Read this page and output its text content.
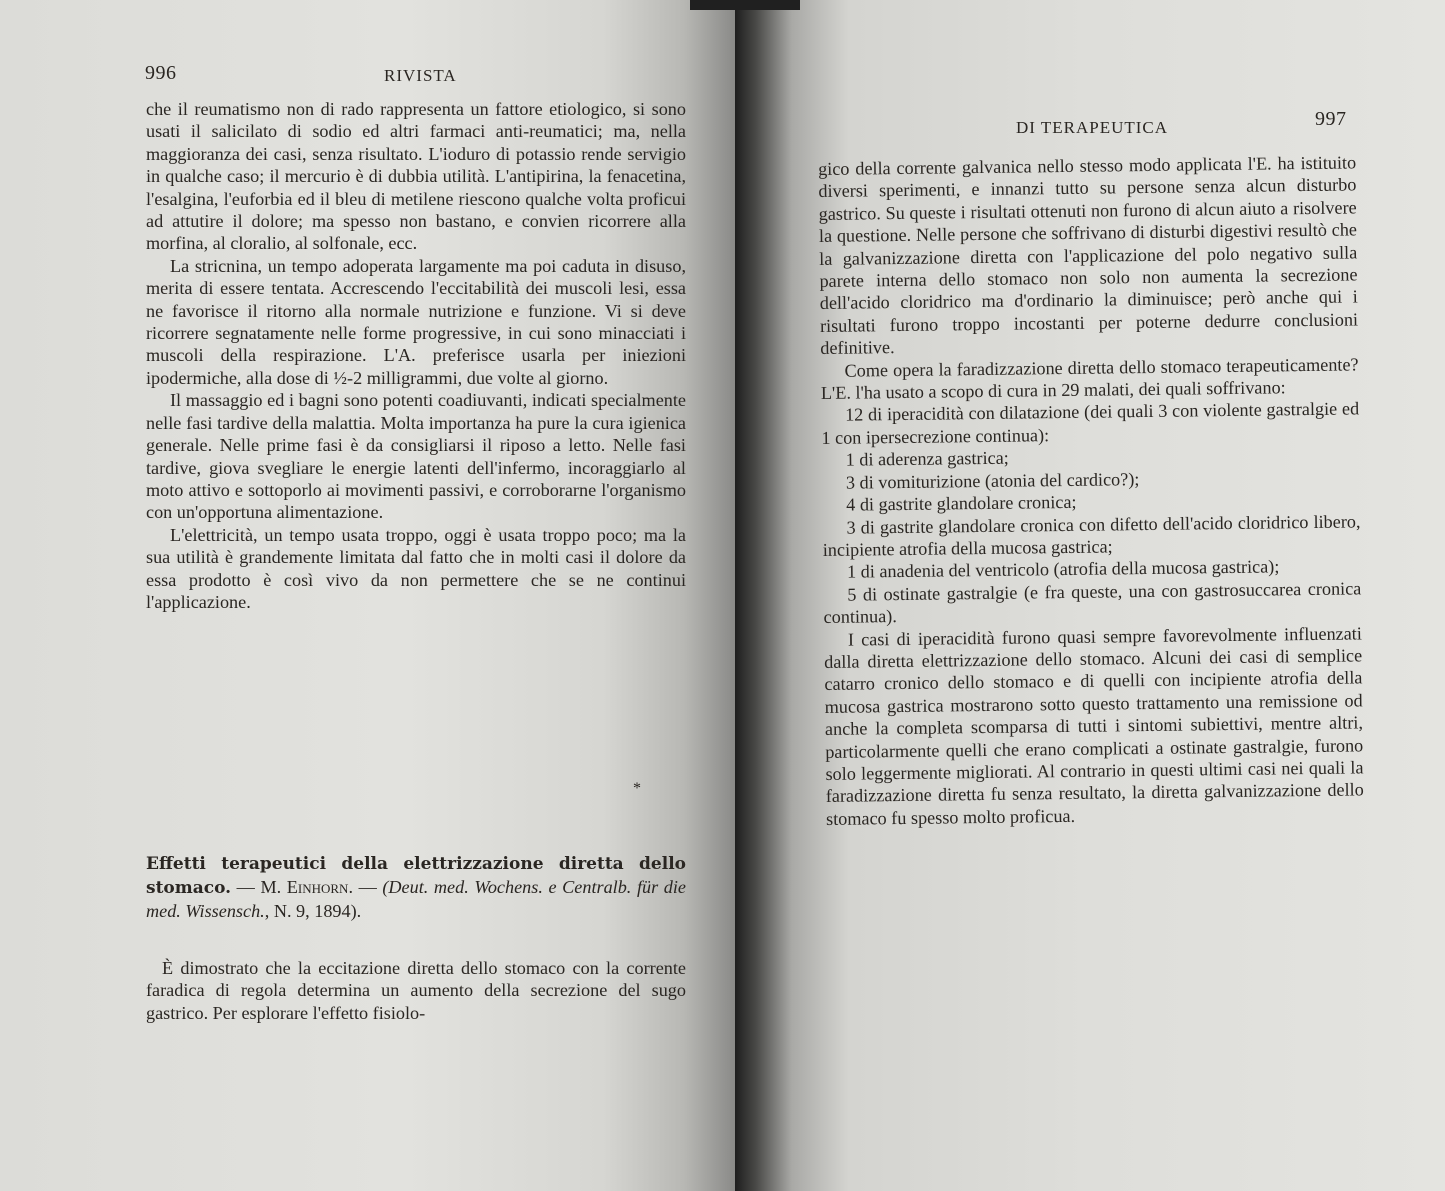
996	RIVISTA

che il reumatismo non di rado rappresenta un fattore etiologico, si sono usati il salicilato di sodio ed altri farmaci anti-reumatici; ma, nella maggioranza dei casi, senza risultato. L'ioduro di potassio rende servigio in qualche caso; il mercurio è di dubbia utilità. L'antipirina, la fenacetina, l'esalgina, l'euforbia ed il bleu di metilene riescono qualche volta proficui ad attutire il dolore; ma spesso non bastano, e convien ricorrere alla morfina, al cloralio, al solfonale, ecc.

La stricnina, un tempo adoperata largamente ma poi caduta in disuso, merita di essere tentata. Accrescendo l'eccitabilità dei muscoli lesi, essa ne favorisce il ritorno alla normale nutrizione e funzione. Vi si deve ricorrere segnatamente nelle forme progressive, in cui sono minacciati i muscoli della respirazione. L'A. preferisce usarla per iniezioni ipodermiche, alla dose di ½-2 milligrammi, due volte al giorno.

Il massaggio ed i bagni sono potenti coadiuvanti, indicati specialmente nelle fasi tardive della malattia. Molta importanza ha pure la cura igienica generale. Nelle prime fasi è da consigliarsi il riposo a letto. Nelle fasi tardive, giova svegliare le energie latenti dell'infermo, incoraggiarlo al moto attivo e sottoporlo ai movimenti passivi, e corroborarne l'organismo con un'opportuna alimentazione.

L'elettricità, un tempo usata troppo, oggi è usata troppo poco; ma la sua utilità è grandemente limitata dal fatto che in molti casi il dolore da essa prodotto è così vivo da non permettere che se ne continui l'applicazione.

*
Effetti terapeutici della elettrizzazione diretta dello stomaco. — M. Einhorn. — (Deut. med. Wochens. e Centralb. für die med. Wissensch., N. 9, 1894).

È dimostrato che la eccitazione diretta dello stomaco con la corrente faradica di regola determina un aumento della secrezione del sugo gastrico. Per esplorare l'effetto fisiolo-

DI TERAPEUTICA	997

gico della corrente galvanica nello stesso modo applicata l'E. ha istituito diversi sperimenti, e innanzi tutto su persone senza alcun disturbo gastrico. Su queste i risultati ottenuti non furono di alcun aiuto a risolvere la questione. Nelle persone che soffrivano di disturbi digestivi resultò che la galvanizzazione diretta con l'applicazione del polo negativo sulla parete interna dello stomaco non solo non aumenta la secrezione dell'acido cloridrico ma d'ordinario la diminuisce; però anche qui i risultati furono troppo incostanti per poterne dedurre conclusioni definitive.

Come opera la faradizzazione diretta dello stomaco terapeuticamente? L'E. l'ha usato a scopo di cura in 29 malati, dei quali soffrivano:

12 di iperacidità con dilatazione (dei quali 3 con violente gastralgie ed 1 con ipersecrezione continua):

1 di aderenza gastrica;

3 di vomiturizione (atonia del cardico?);

4 di gastrite glandolare cronica;

3 di gastrite glandolare cronica con difetto dell'acido cloridrico libero, incipiente atrofia della mucosa gastrica;

1 di anadenia del ventricolo (atrofia della mucosa gastrica);

5 di ostinate gastralgie (e fra queste, una con gastrosuccarea cronica continua).

I casi di iperacidità furono quasi sempre favorevolmente influenzati dalla diretta elettrizzazione dello stomaco. Alcuni dei casi di semplice catarro cronico dello stomaco e di quelli con incipiente atrofia della mucosa gastrica mostrarono sotto questo trattamento una remissione od anche la completa scomparsa di tutti i sintomi subiettivi, mentre altri, particolarmente quelli che erano complicati a ostinate gastralgie, furono solo leggermente migliorati. Al contrario in questi ultimi casi nei quali la faradizzazione diretta fu senza resultato, la diretta galvanizzazione dello stomaco fu spesso molto proficua.
